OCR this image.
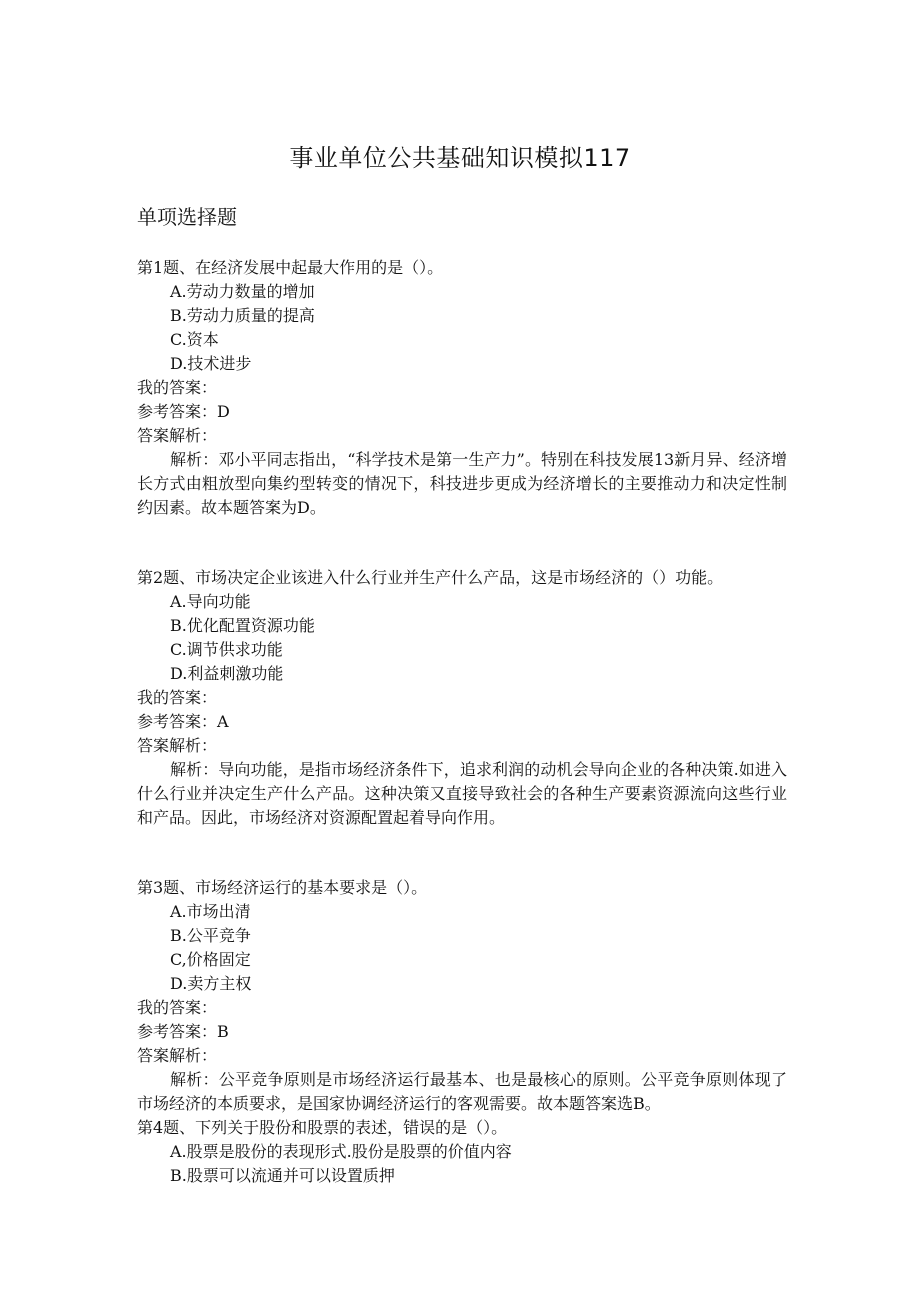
事业单位公共基础知识模拟117
单项选择题
第1题、在经济发展中起最大作用的是（）。
A.劳动力数量的增加
B.劳动力质量的提高
C.资本
D.技术进步
我的答案：
参考答案：D
答案解析：
解析：邓小平同志指出，“科学技术是第一生产力”。特别在科技发展13新月异、经济增长方式由粗放型向集约型转变的情况下，科技进步更成为经济增长的主要推动力和决定性制约因素。故本题答案为D。
第2题、市场决定企业该进入什么行业并生产什么产品，这是市场经济的（）功能。
A.导向功能
B.优化配置资源功能
C.调节供求功能
D.利益刺激功能
我的答案：
参考答案：A
答案解析：
解析：导向功能，是指市场经济条件下，追求利润的动机会导向企业的各种决策.如进入什么行业并决定生产什么产品。这种决策又直接导致社会的各种生产要素资源流向这些行业和产品。因此，市场经济对资源配置起着导向作用。
第3题、市场经济运行的基本要求是（）。
A.市场出清
B.公平竞争
C,价格固定
D.卖方主权
我的答案：
参考答案：B
答案解析：
解析：公平竞争原则是市场经济运行最基本、也是最核心的原则。公平竞争原则体现了市场经济的本质要求，是国家协调经济运行的客观需要。故本题答案选B。
第4题、下列关于股份和股票的表述，错误的是（）。
A.股票是股份的表现形式.股份是股票的价值内容
B.股票可以流通并可以设置质押
